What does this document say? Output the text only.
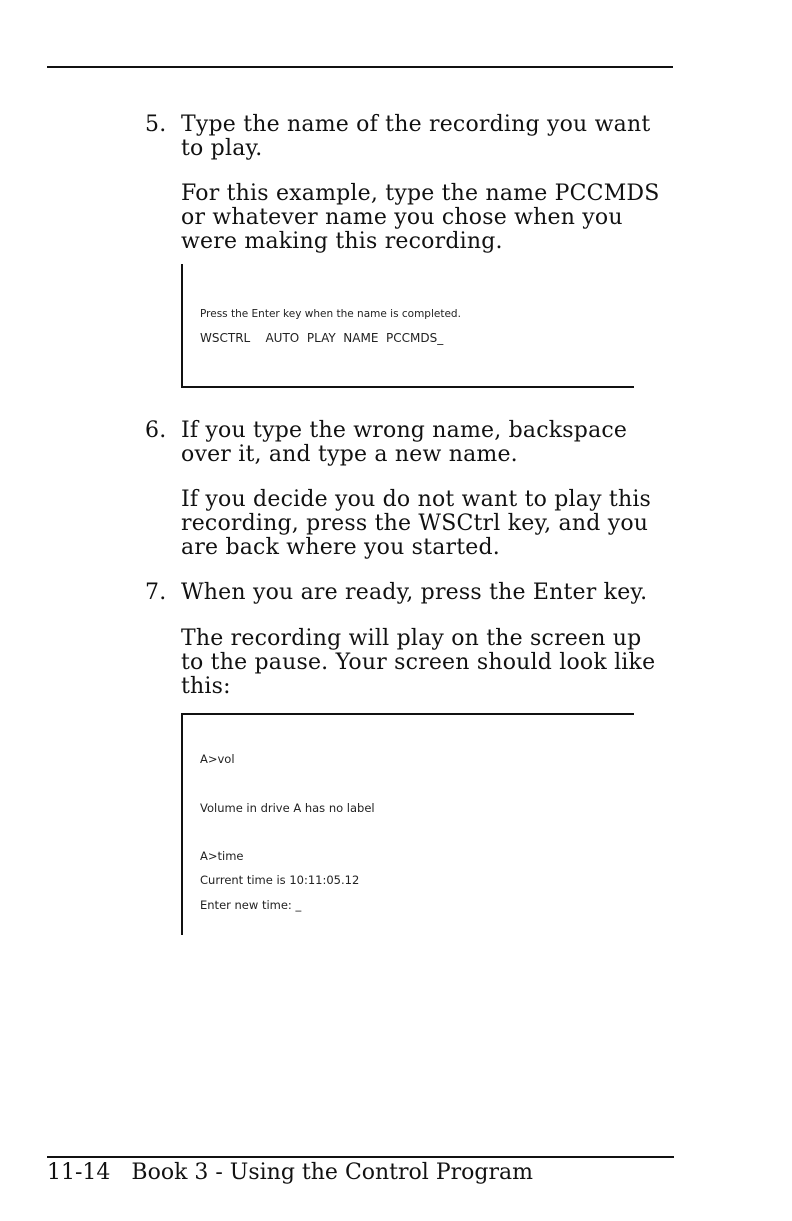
5. Type the name of the recording you want to play.

For this example, type the name PCCMDS or whatever name you chose when you were making this recording.

Press the Enter key when the name is completed.
WSCTRL    AUTO  PLAY  NAME  PCCMDS_
6. If you type the wrong name, backspace over it, and type a new name.

If you decide you do not want to play this recording, press the WSCtrl key, and you are back where you started.

7. When you are ready, press the Enter key.

The recording will play on the screen up to the pause. Your screen should look like this:

A>vol
Volume in drive A has no label
A>time
Current time is 10:11:05.12
Enter new time: _
11-14 Book 3 - Using the Control Program
